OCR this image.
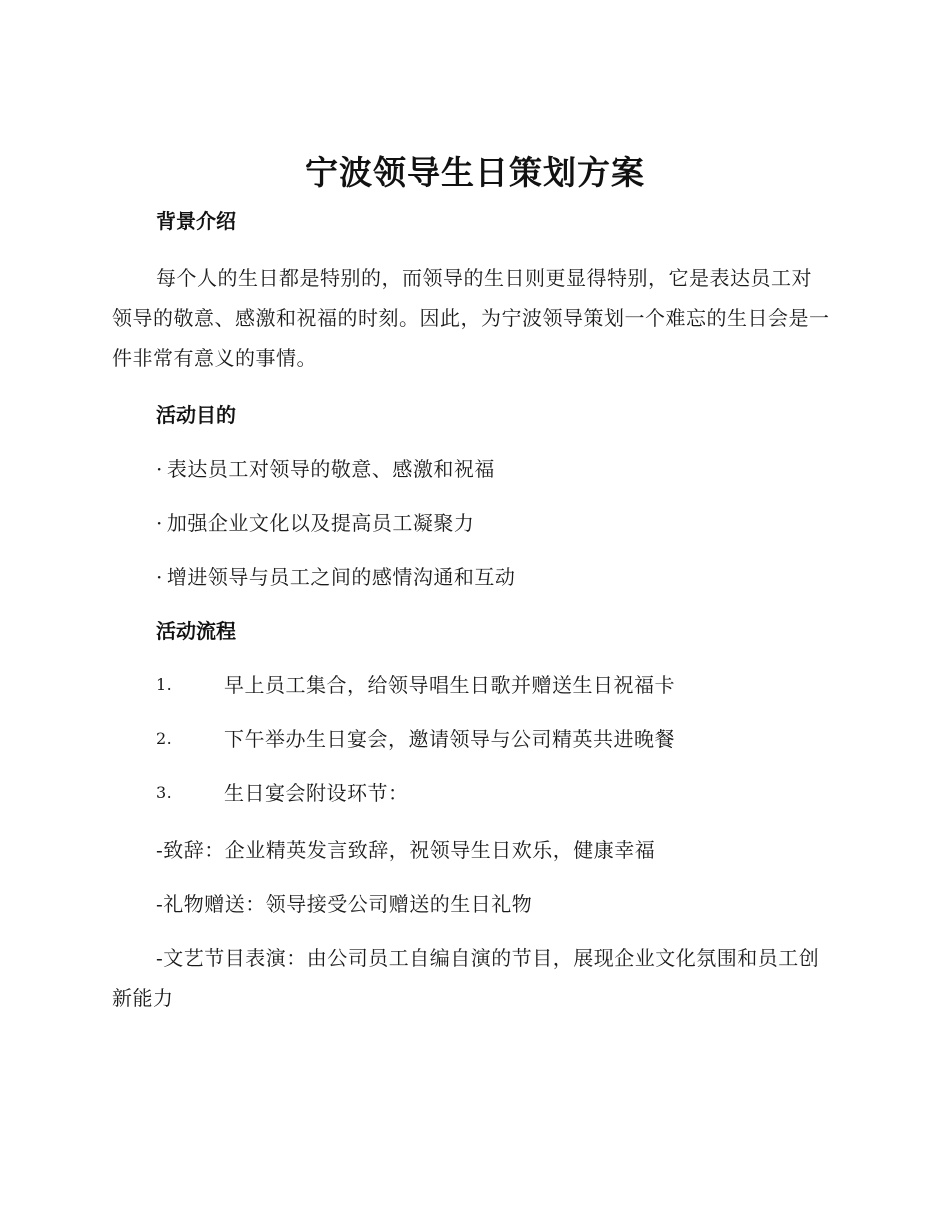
宁波领导生日策划方案
背景介绍

每个人的生日都是特别的，而领导的生日则更显得特别，它是表达员工对领导的敬意、感激和祝福的时刻。因此，为宁波领导策划一个难忘的生日会是一件非常有意义的事情。

活动目的
· 表达员工对领导的敬意、感激和祝福
· 加强企业文化以及提高员工凝聚力
· 增进领导与员工之间的感情沟通和互动
活动流程
1.	早上员工集合，给领导唱生日歌并赠送生日祝福卡
2.	下午举办生日宴会，邀请领导与公司精英共进晚餐
3.	生日宴会附设环节：

-致辞：企业精英发言致辞，祝领导生日欢乐，健康幸福

-礼物赠送：领导接受公司赠送的生日礼物

-文艺节目表演：由公司员工自编自演的节目，展现企业文化氛围和员工创新能力
